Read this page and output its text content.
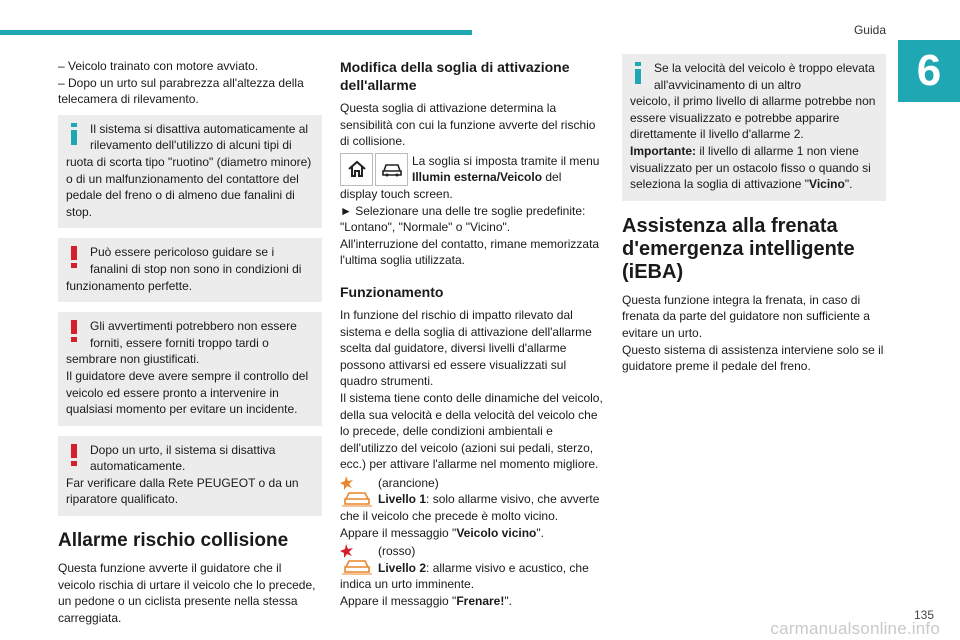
Guida
6

– Veicolo trainato con motore avviato.

– Dopo un urto sul parabrezza all'altezza della telecamera di rilevamento.

Il sistema si disattiva automaticamente al rilevamento dell'utilizzo di alcuni tipi di

ruota di scorta tipo "ruotino" (diametro minore) o di un malfunzionamento del contattore del pedale del freno o di almeno due fanalini di stop.

Può essere pericoloso guidare se i fanalini di stop non sono in condizioni di

funzionamento perfette.

Gli avvertimenti potrebbero non essere forniti, essere forniti troppo tardi o

sembrare non giustificati.

Il guidatore deve avere sempre il controllo del veicolo ed essere pronto a intervenire in qualsiasi momento per evitare un incidente.

Dopo un urto, il sistema si disattiva automaticamente.

Far verificare dalla Rete PEUGEOT o da un riparatore qualificato.

Allarme rischio collisione

Questa funzione avverte il guidatore che il veicolo rischia di urtare il veicolo che lo precede, un pedone o un ciclista presente nella stessa carreggiata.

Modifica della soglia di attivazione dell'allarme

Questa soglia di attivazione determina la sensibilità con cui la funzione avverte del rischio di collisione.

La soglia si imposta tramite il menu
Illumin esterna/Veicolo del

display touch screen.

► Selezionare una delle tre soglie predefinite: "Lontano", "Normale" o "Vicino".

All'interruzione del contatto, rimane memorizzata l'ultima soglia utilizzata.

Funzionamento

In funzione del rischio di impatto rilevato dal sistema e della soglia di attivazione dell'allarme scelta dal guidatore, diversi livelli d'allarme possono attivarsi ed essere visualizzati sul quadro strumenti.

Il sistema tiene conto delle dinamiche del veicolo, della sua velocità e della velocità del veicolo che lo precede, delle condizioni ambientali e dell'utilizzo del veicolo (azioni sui pedali, sterzo, ecc.) per attivare l'allarme nel momento migliore.

(arancione)
Livello 1: solo allarme visivo, che avverte

che il veicolo che precede è molto vicino.

Appare il messaggio "Veicolo vicino".

(rosso)
Livello 2: allarme visivo e acustico, che

indica un urto imminente.

Appare il messaggio "Frenare!".

Se la velocità del veicolo è troppo elevata all'avvicinamento di un altro

veicolo, il primo livello di allarme potrebbe non essere visualizzato e potrebbe apparire direttamente il livello d'allarme 2.

Importante: il livello di allarme 1 non viene visualizzato per un ostacolo fisso o quando si seleziona la soglia di attivazione "Vicino".

Assistenza alla frenata d'emergenza intelligente (iEBA)

Questa funzione integra la frenata, in caso di frenata da parte del guidatore non sufficiente a evitare un urto.

Questo sistema di assistenza interviene solo se il guidatore preme il pedale del freno.

135
carmanualsonline.info
